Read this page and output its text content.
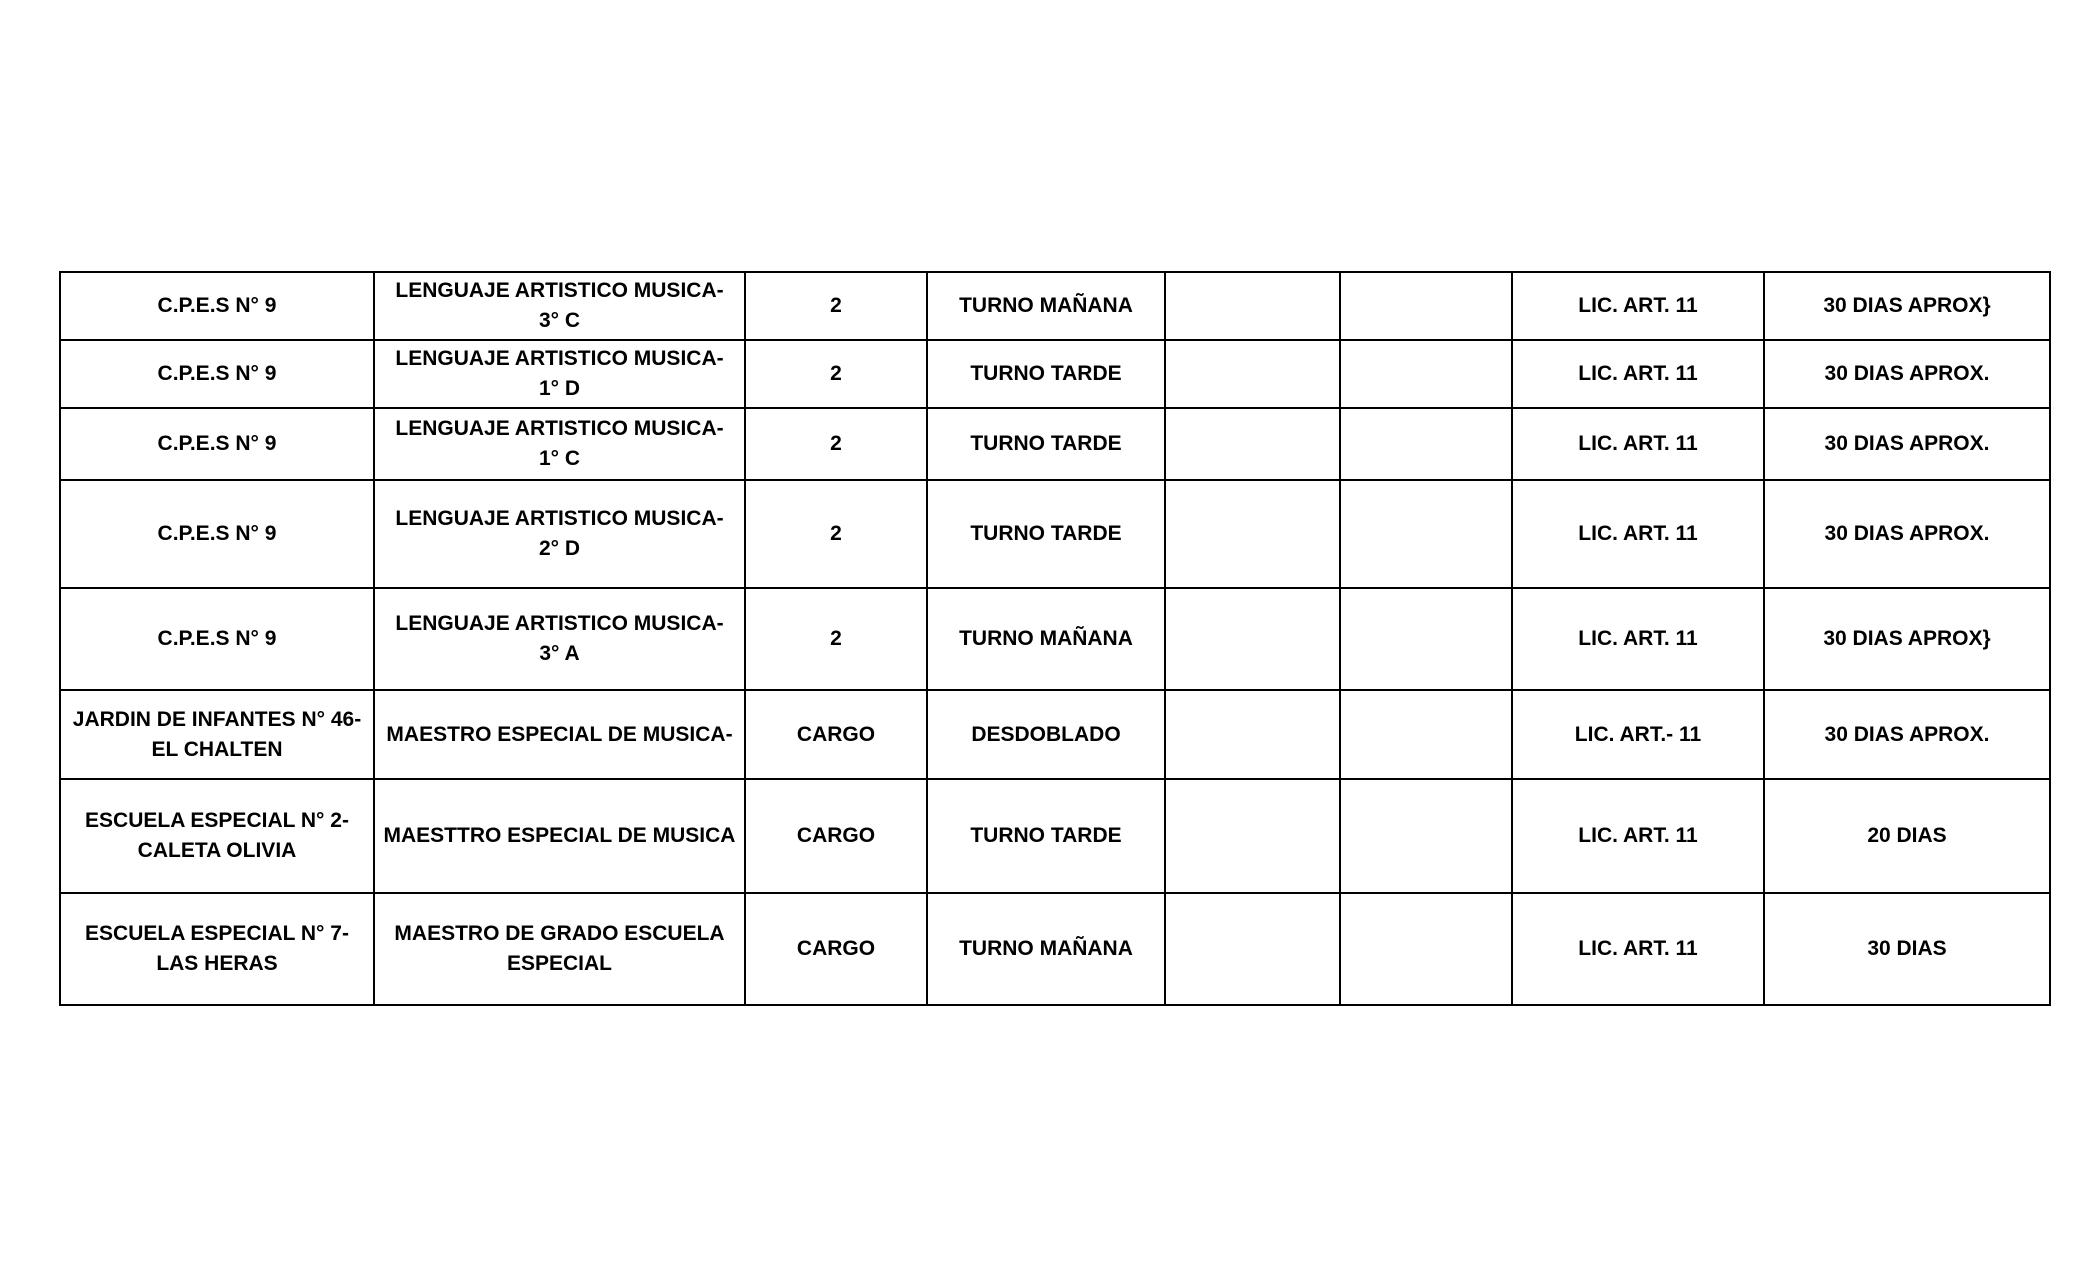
C.P.E.S N° 9	LENGUAJE ARTISTICO MUSICA- 3° C	2	TURNO MAÑANA			LIC. ART. 11	30 DIAS APROX}
C.P.E.S N° 9	LENGUAJE ARTISTICO MUSICA- 1° D	2	TURNO TARDE			LIC. ART. 11	30 DIAS APROX.
C.P.E.S N° 9	LENGUAJE ARTISTICO MUSICA- 1° C	2	TURNO TARDE			LIC. ART. 11	30 DIAS APROX.
C.P.E.S N° 9	LENGUAJE ARTISTICO MUSICA- 2° D	2	TURNO TARDE			LIC. ART. 11	30 DIAS APROX.
C.P.E.S N° 9	LENGUAJE ARTISTICO MUSICA- 3° A	2	TURNO MAÑANA			LIC. ART. 11	30 DIAS APROX}
JARDIN DE INFANTES N° 46- EL CHALTEN	MAESTRO ESPECIAL DE MUSICA-	CARGO	DESDOBLADO			LIC. ART.- 11	30 DIAS APROX.
ESCUELA ESPECIAL N° 2- CALETA OLIVIA	MAESTTRO ESPECIAL DE MUSICA	CARGO	TURNO TARDE			LIC. ART. 11	20 DIAS
ESCUELA ESPECIAL N° 7- LAS HERAS	MAESTRO DE GRADO ESCUELA ESPECIAL	CARGO	TURNO MAÑANA			LIC. ART. 11	30 DIAS
